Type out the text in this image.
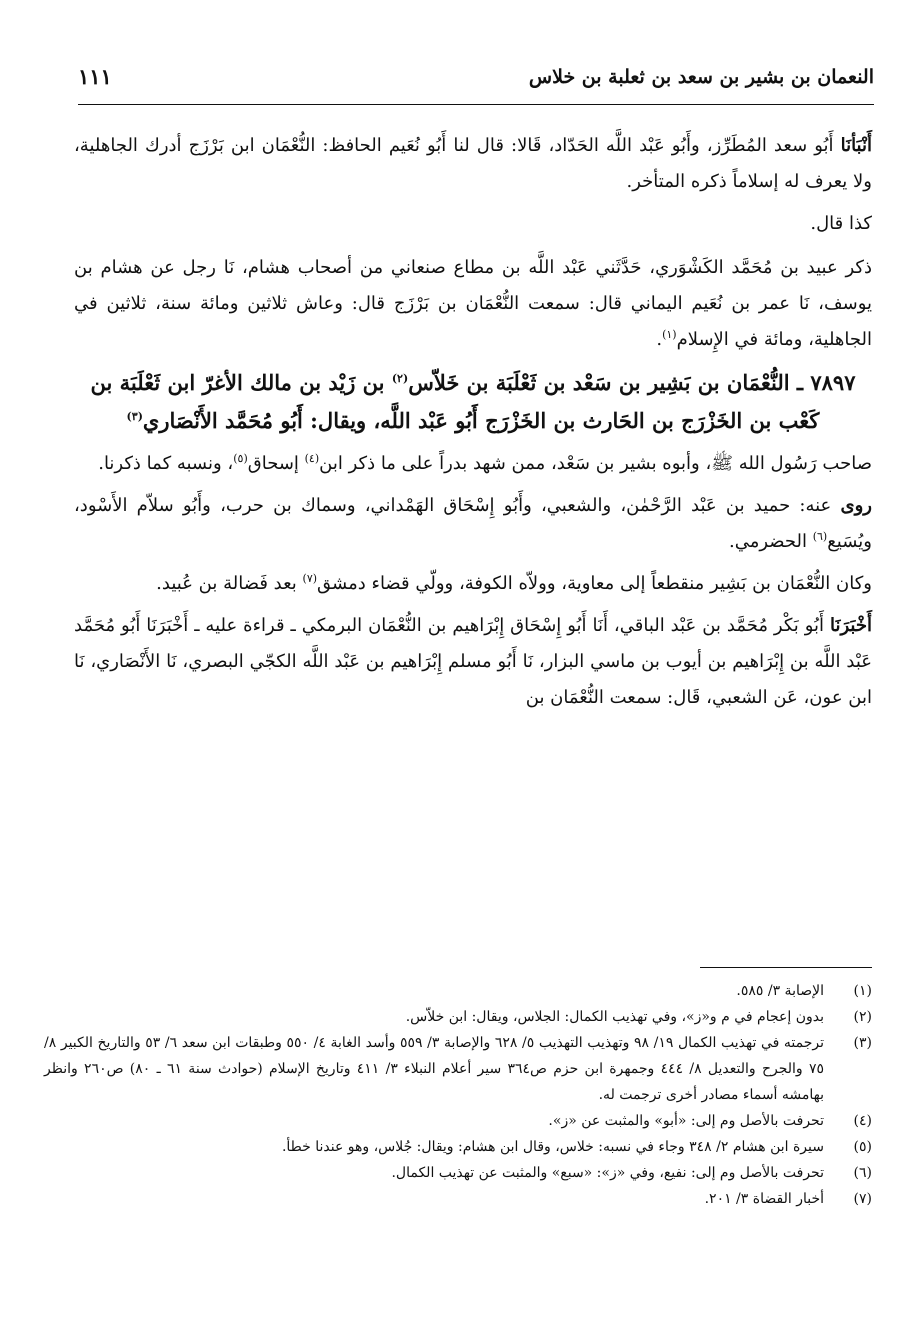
النعمان بن بشير بن سعد بن ثعلبة بن خلاس
١١١

أَنْبَأنَا أَبُو سعد المُطَرِّز، وأَبُو عَبْد اللَّه الحَدّاد، قَالا: قال لنا أَبُو نُعَيم الحافظ: النُّعْمَان ابن بَرْزَج أدرك الجاهلية، ولا يعرف له إسلاماً ذكره المتأخر.

كذا قال.

ذكر عبيد بن مُحَمَّد الكَشْوَري، حَدَّثَني عَبْد اللَّه بن مطاع صنعاني من أصحاب هشام، نَا رجل عن هشام بن يوسف، نَا عمر بن نُعَيم اليماني قال: سمعت النُّعْمَان بن بَرْزَج قال: وعاش ثلاثين ومائة سنة، ثلاثين في الجاهلية، ومائة في الإِسلام$^{(١)}$.

٧٨٩٧ ـ النُّعْمَان بن بَشِير بن سَعْد بن ثَعْلَبَة بن خَلاّس$^{(٢)}$ بن زَيْد بن مالك الأغرّ ابن ثَعْلَبَة بن كَعْب بن الخَزْرَج بن الحَارث بن الخَزْرَج أَبُو عَبْد اللَّه، ويقال: أَبُو مُحَمَّد الأَنْصَاري$^{(٣)}$

صاحب رَسُول الله ﷺ، وأبوه بشير بن سَعْد، ممن شهد بدراً على ما ذكر ابن$^{(٤)}$ إسحاق$^{(٥)}$، ونسبه كما ذكرنا.

روى عنه: حميد بن عَبْد الرَّحْمٰن، والشعبي، وأَبُو إِسْحَاق الهَمْداني، وسماك بن حرب، وأَبُو سلاّم الأَسْود، ويُسَيع$^{(٦)}$ الحضرمي.

وكان النُّعْمَان بن بَشِير منقطعاً إلى معاوية، وولاّه الكوفة، وولّي قضاء دمشق$^{(٧)}$ بعد فَضالة بن عُبيد.

أَخْبَرَنَا أَبُو بَكْر مُحَمَّد بن عَبْد الباقي، أَنَا أَبُو إِسْحَاق إِبْرَاهيم بن النُّعْمَان البرمكي ـ قراءة عليه ـ أَخْبَرَنَا أَبُو مُحَمَّد عَبْد اللَّه بن إِبْرَاهيم بن أيوب بن ماسي البزار، نَا أَبُو مسلم إِبْرَاهيم بن عَبْد اللَّه الكجّي البصري، نَا الأَنْصَاري، نَا ابن عون، عَن الشعبي، قَال: سمعت النُّعْمَان بن

(١)
الإصابة ٣/ ٥٨٥.
(٢)
بدون إعجام في م و«ز»، وفي تهذيب الكمال: الجلاس، ويقال: ابن خلاّس.
(٣)
ترجمته في تهذيب الكمال ١٩/ ٩٨ وتهذيب التهذيب ٥/ ٦٢٨ والإصابة ٣/ ٥٥٩ وأسد الغابة ٤/ ٥٥٠ وطبقات ابن سعد ٦/ ٥٣ والتاريخ الكبير ٨/ ٧٥ والجرح والتعديل ٨/ ٤٤٤ وجمهرة ابن حزم ص٣٦٤ سير أعلام النبلاء ٣/ ٤١١ وتاريخ الإسلام (حوادث سنة ٦١ ـ ٨٠) ص٢٦٠ وانظر بهامشه أسماء مصادر أخرى ترجمت له.
(٤)
تحرفت بالأصل وم إلى: «أبو» والمثبت عن «ز».
(٥)
سيرة ابن هشام ٢/ ٣٤٨ وجاء في نسبه: خلاس، وقال ابن هشام: ويقال: جُلاس، وهو عندنا خطأ.
(٦)
تحرفت بالأصل وم إلى: نفيع، وفي «ز»: «سبع» والمثبت عن تهذيب الكمال.
(٧)
أخبار القضاة ٣/ ٢٠١.
